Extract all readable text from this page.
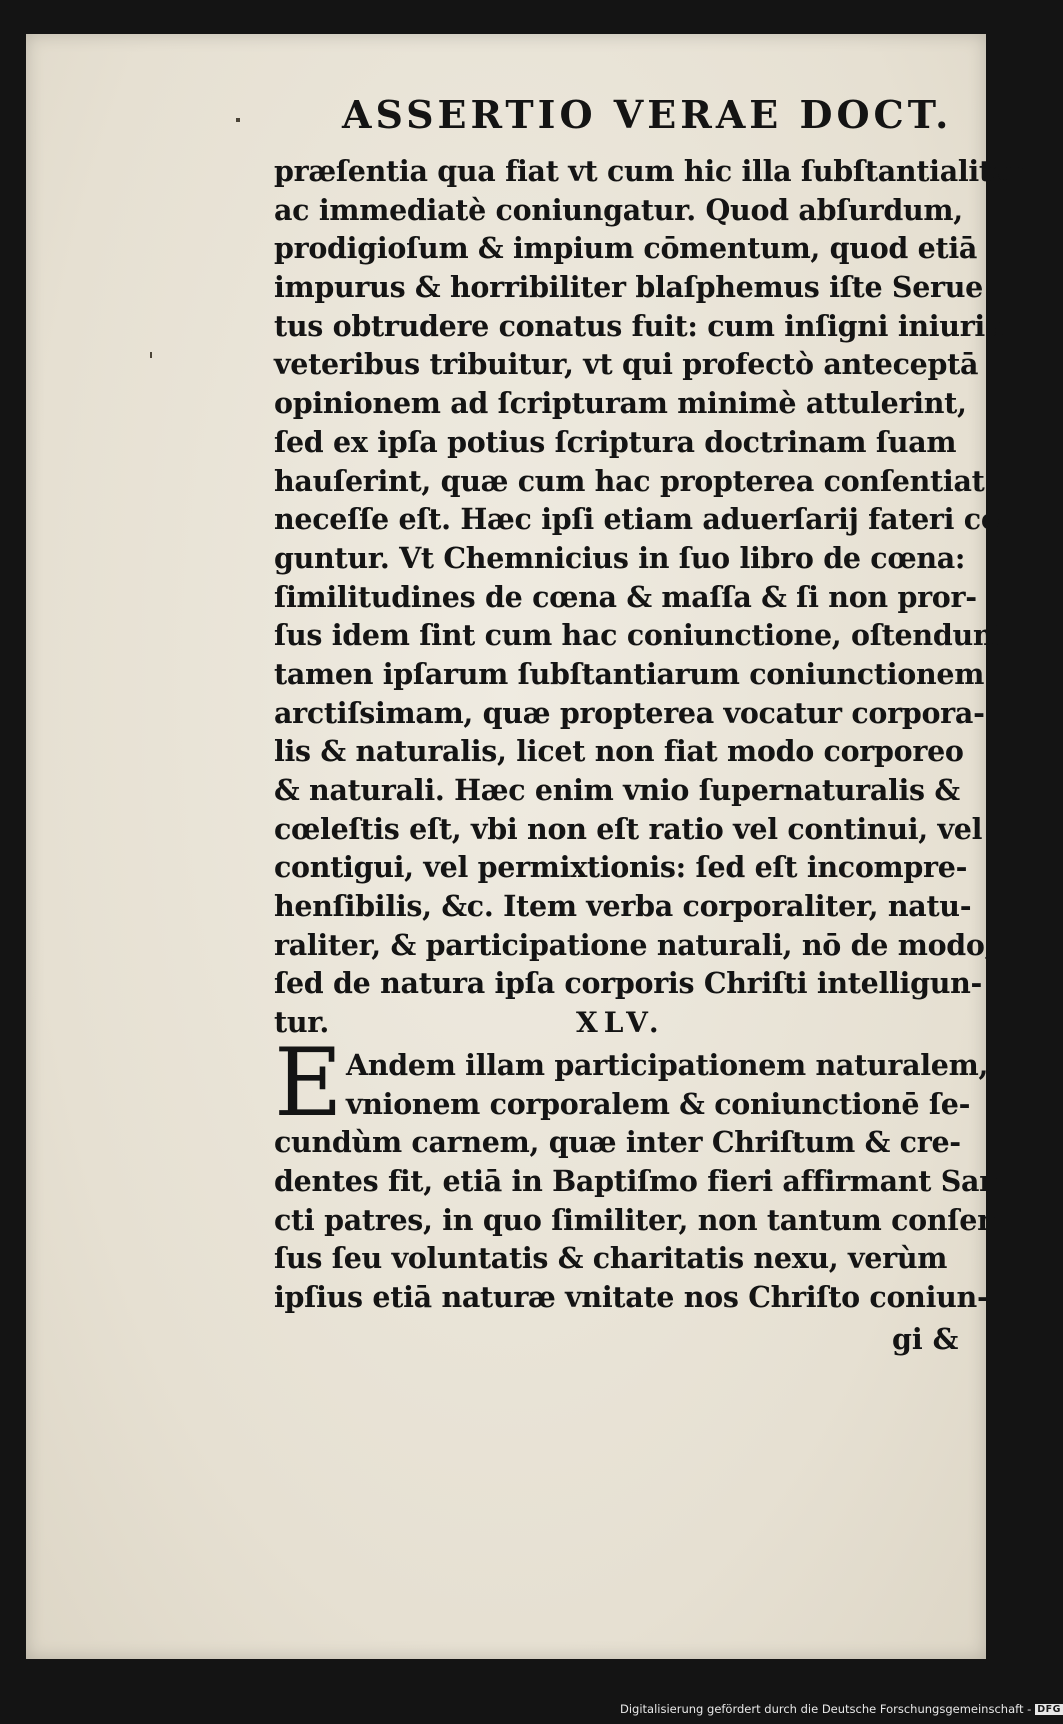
ASSERTIO VERAE DOCT.
præſentia qua fiat vt cum hic illa ſubſtantialiter
ac immediatè coniungatur. Quod abſurdum,
prodigioſum & impium cōmentum, quod etiā
impurus & horribiliter blaſphemus iſte Serue
tus obtrudere conatus fuit: cum inſigni iniuria
veteribus tribuitur, vt qui profectò anteceptā
opinionem ad ſcripturam minimè attulerint,
ſed ex ipſa potius ſcriptura doctrinam ſuam
hauſerint, quæ cum hac propterea conſentiat
neceſſe eſt. Hæc ipſi etiam aduerſarij fateri co-
guntur. Vt Chemnicius in ſuo libro de cœna:
ſimilitudines de cœna & maſſa & ſi non pror-
ſus idem ſint cum hac coniunctione, oſtendunt
tamen ipſarum ſubſtantiarum coniunctionem
arctiſsimam, quæ propterea vocatur corpora-
lis & naturalis, licet non fiat modo corporeo
& naturali. Hæc enim vnio ſupernaturalis &
cœleſtis eſt, vbi non eſt ratio vel continui, vel
contigui, vel permixtionis: ſed eſt incompre-
henſibilis, &c. Item verba corporaliter, natu-
raliter, & participatione naturali, nō de modo,
ſed de natura ipſa corporis Chriſti intelligun-
tur.	XLV.
E Andem illam participationem naturalem,
vnionem corporalem & coniunctionē ſe-
cundùm carnem, quæ inter Chriſtum & cre-
dentes fit, etiā in Baptiſmo fieri affirmant San-
cti patres, in quo ſimiliter, non tantum conſen-
ſus ſeu voluntatis & charitatis nexu, verùm
ipſius etiā naturæ vnitate nos Chriſto coniun-
gi &
Digitalisierung gefördert durch die Deutsche Forschungsgemeinschaft - DFG
